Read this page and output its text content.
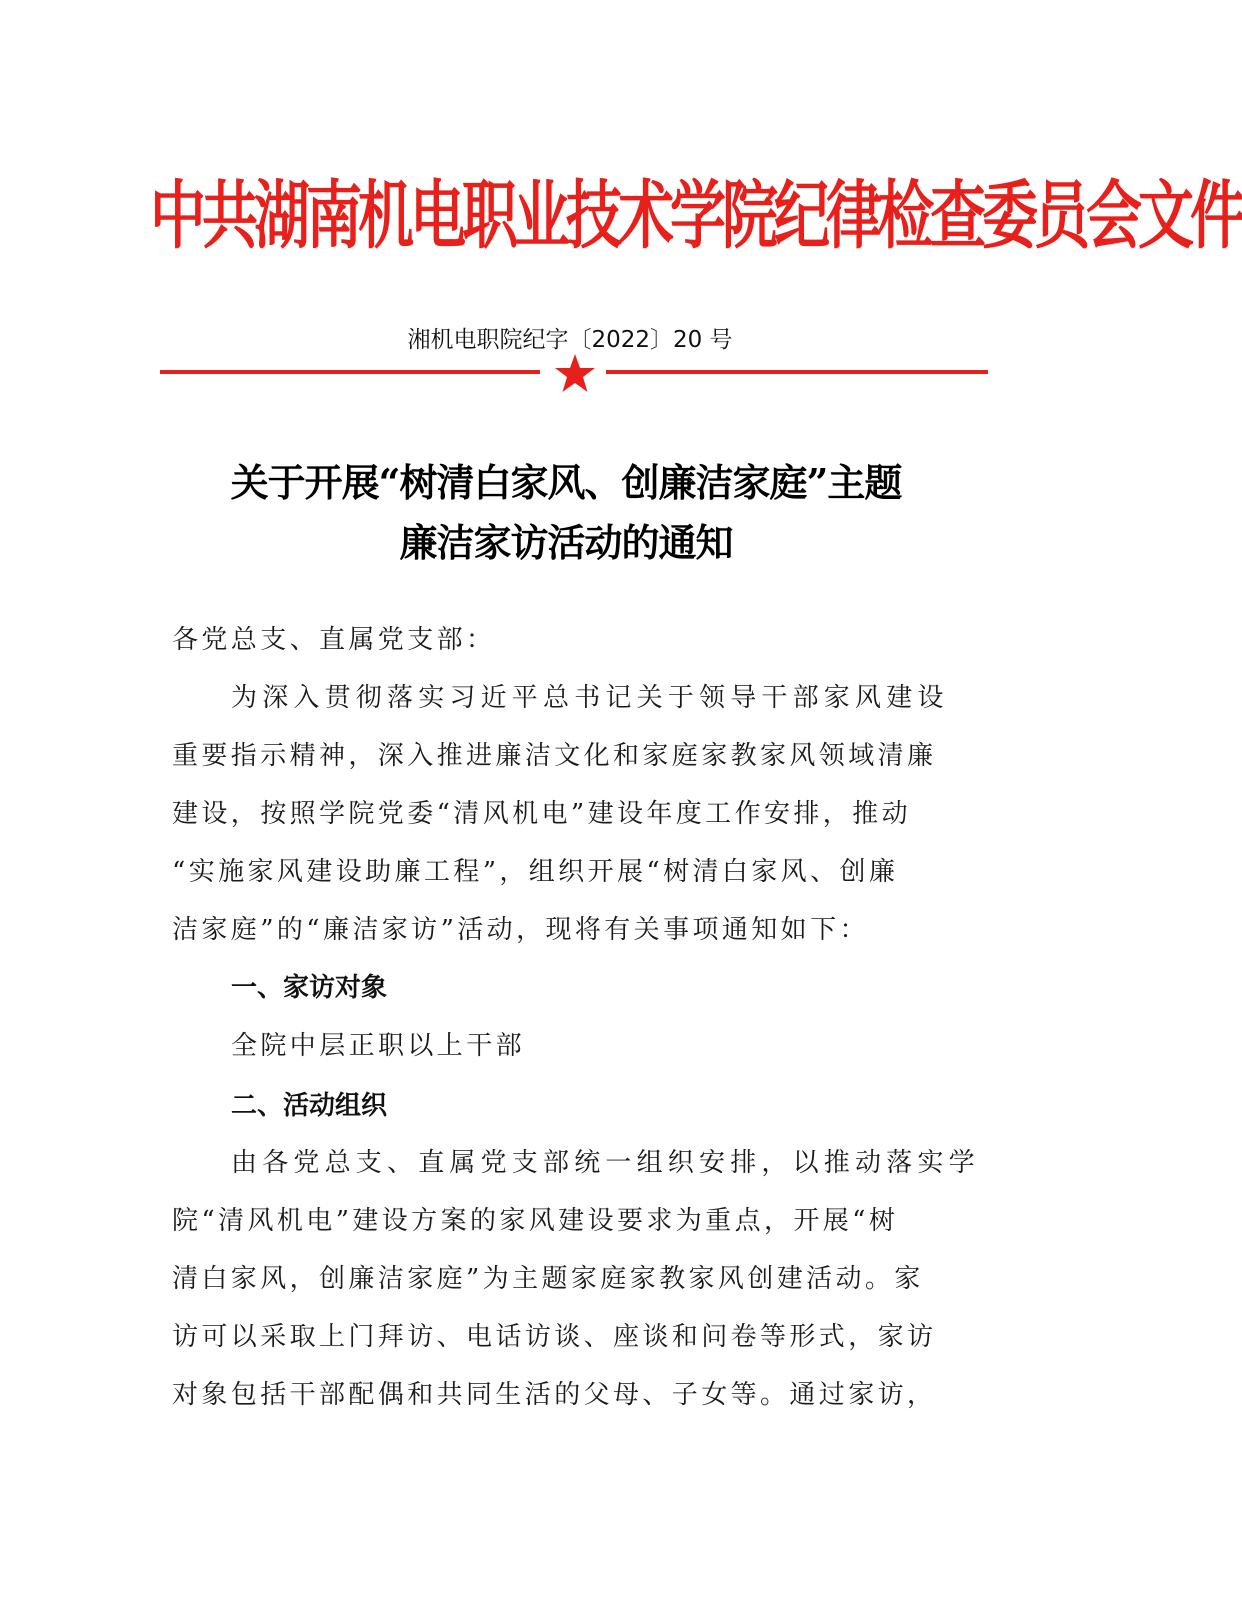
中共湖南机电职业技术学院纪律检查委员会文件
湘机电职院纪字〔2022〕20 号
关于开展“树清白家风、创廉洁家庭”主题
廉洁家访活动的通知
各党总支、直属党支部：
为深入贯彻落实习近平总书记关于领导干部家风建设
重要指示精神，深入推进廉洁文化和家庭家教家风领域清廉
建设，按照学院党委“清风机电”建设年度工作安排，推动
“实施家风建设助廉工程”，组织开展“树清白家风、创廉
洁家庭”的“廉洁家访”活动，现将有关事项通知如下：
一、家访对象
全院中层正职以上干部
二、活动组织
由各党总支、直属党支部统一组织安排，以推动落实学
院“清风机电”建设方案的家风建设要求为重点，开展“树
清白家风，创廉洁家庭”为主题家庭家教家风创建活动。家
访可以采取上门拜访、电话访谈、座谈和问卷等形式，家访
对象包括干部配偶和共同生活的父母、子女等。通过家访，
